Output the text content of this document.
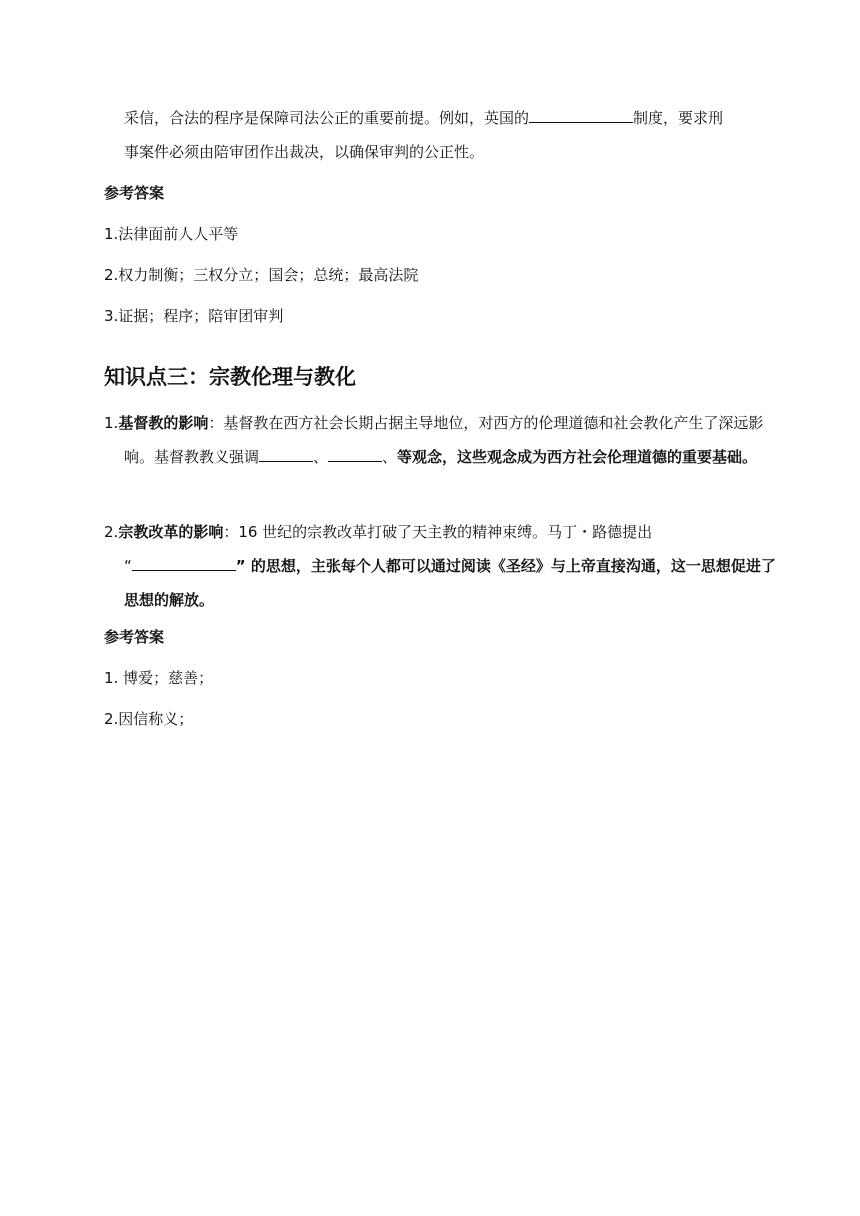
采信，合法的程序是保障司法公正的重要前提。例如，英国的	制度，要求刑
事案件必须由陪审团作出裁决，以确保审判的公正性。
参考答案
1.法律面前人人平等
2.权力制衡；三权分立；国会；总统；最高法院
3.证据；程序；陪审团审判
知识点三：宗教伦理与教化
1.基督教的影响：基督教在西方社会长期占据主导地位，对西方的伦理道德和社会教化产生了深远影响。基督教教义强调	、	、等观念，这些观念成为西方社会伦理道德的重要基础。
2.宗教改革的影响：16 世纪的宗教改革打破了天主教的精神束缚。马丁・路德提出
“	” 的思想，主张每个人都可以通过阅读《圣经》与上帝直接沟通，这一思想促进了思想的解放。
参考答案
1. 博爱；慈善；
2.因信称义；
